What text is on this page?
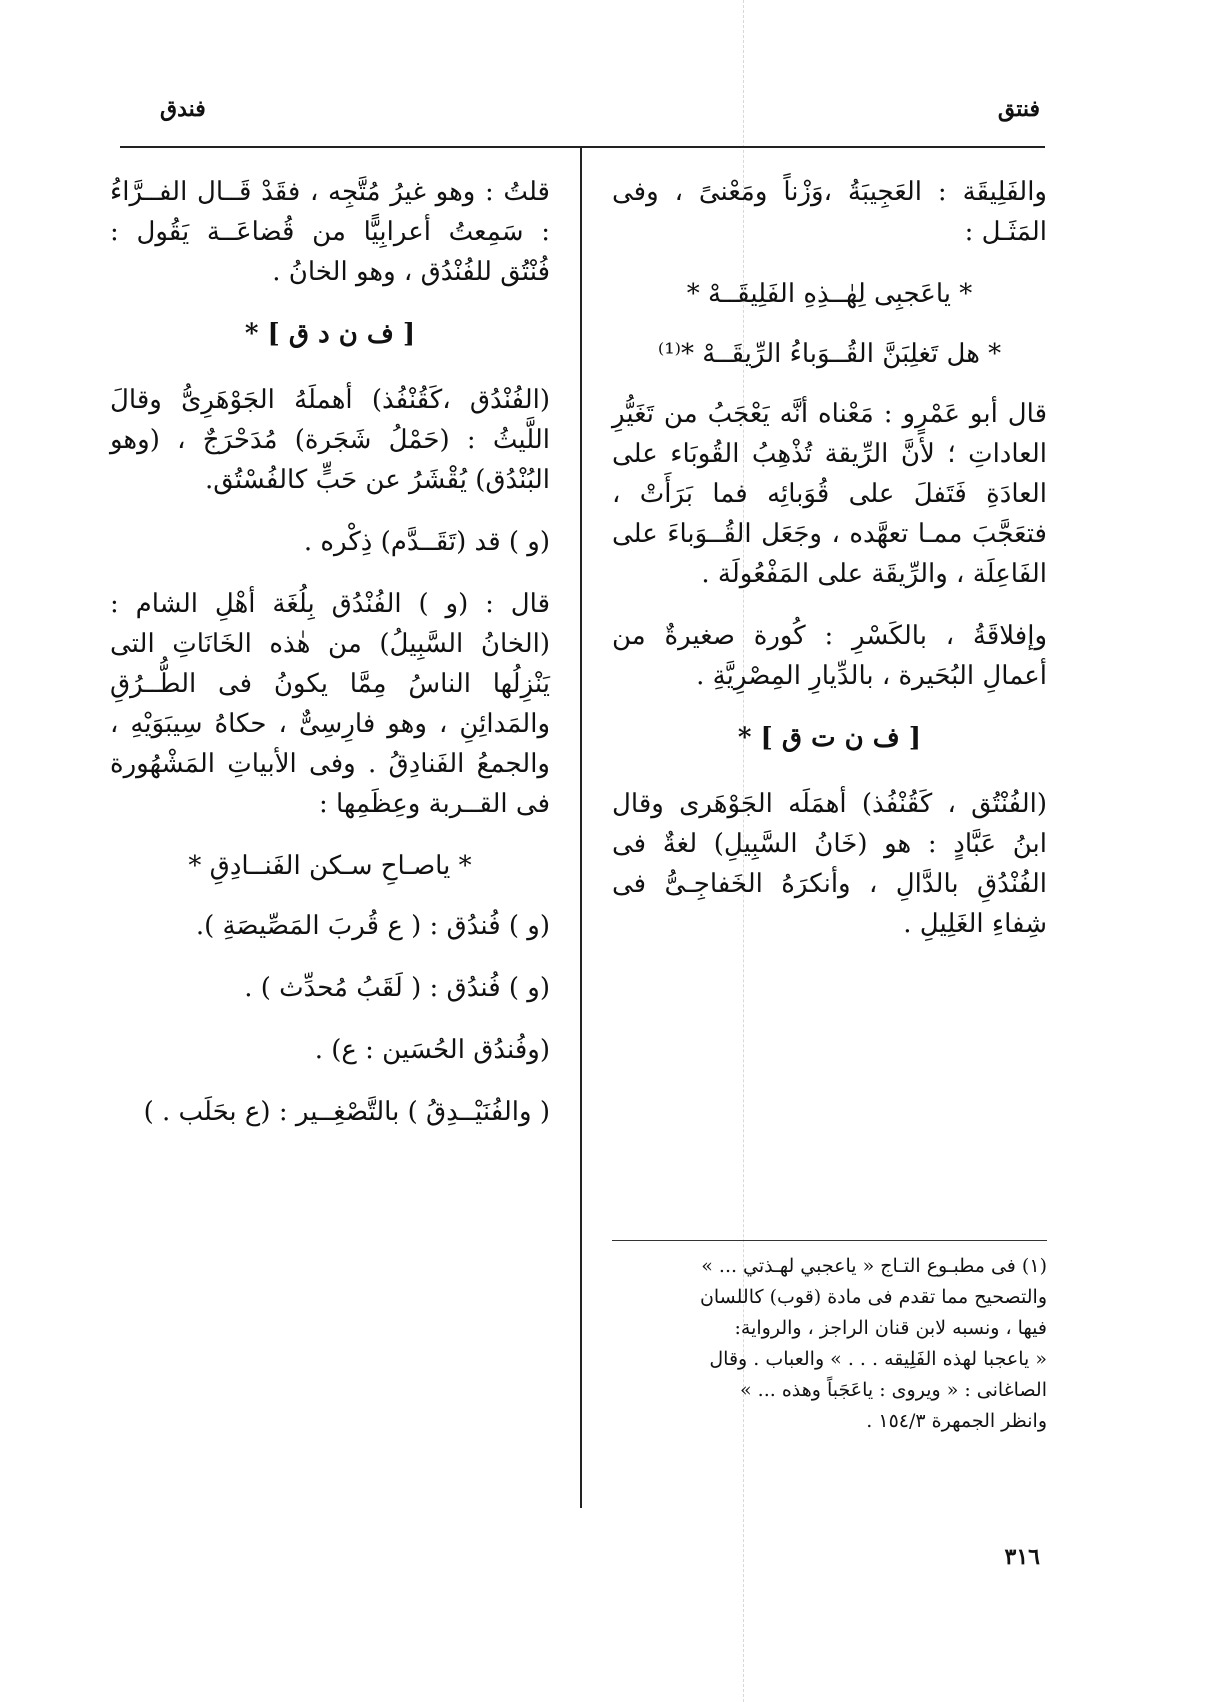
فنتق
فندق

والفَلِيقَة : العَجِيبَةُ ،وَزْناً ومَعْنىً ، وفى المَثَـل :

* ياعَجبِى لِهٰــذِهِ الفَلِيقَــهْ *

* هل تَغلِبَنَّ القُــوَباءُ الرِّيقَــهْ *⁽¹⁾

قال أبو عَمْرٍو : مَعْناه أنَّه يَعْجَبُ من تَغَيُّرِ العاداتِ ؛ لأنَّ الرِّيقة تُذْهِبُ القُوبَاء على العادَةِ فَتَفلَ على قُوَبائِه فما بَرَأَتْ ، فتعَجَّبَ ممـا تعهَّده ، وجَعَل القُــوَباءَ على الفَاعِلَة ، والرِّيقَة على المَفْعُولَة .

وإفلاقَةُ ، بالكَسْرِ : كُورة صغيرةٌ من أعمالِ البُحَيرة ، بالدِّيارِ المِصْرِيَّةِ .

[ ف ن ت ق ] *

(الفُنْتُق ، كَقُنْفُذ) أهمَلَه الجَوْهَرى وقال ابنُ عَبَّادٍ : هو (خَانُ السَّبِيلِ) لغةٌ فى الفُنْدُقِ بالدَّالِ ، وأنكرَهُ الخَفاجِـىُّ فى شِفاءِ الغَلِيلِ .

قلتُ : وهو غيرُ مُتَّجِه ، فقَدْ قَــال الفــرَّاءُ : سَمِعتُ أعرابِيًّا من قُضاعَــة يَقُول : فُنْتُق للفُنْدُق ، وهو الخانُ .

[ ف ن د ق ] *

(الفُنْدُق ،كَقُنْفُذ) أهملَهُ الجَوْهَرِىُّ وقالَ اللَّيثُ : (حَمْلُ شَجَرة) مُدَحْرَجٌ ، (وهو البُنْدُق) يُقْشَرُ عن حَبٍّ كالفُسْتُق.

(و ) قد (تَقَــدَّم) ذِكْره .

قال : (و ) الفُنْدُق بِلُغَة أهْلِ الشام : (الخانُ السَّبِيلُ) من هٰذه الخَانَاتِ التى يَنْزِلُها الناسُ مِمَّا يكونُ فى الطُّــرُقِ والمَدائِنِ ، وهو فارِسِىٌّ ، حكاهُ سِيبَوَيْهِ ، والجمعُ الفَنادِقُ . وفى الأبياتِ المَشْهُورة فى القــربة وعِظَمِها :

* ياصـاحِ سـكن الفَنــادِقِ *

(و ) فُندُق : ( ع قُربَ المَصِّيصَةِ ).

(و ) فُندُق : ( لَقَبُ مُحدِّث ) .

(وفُندُق الحُسَين : ع) .

( والفُنَيْــدِقُ ) بالتَّصْغِــير : (ع بحَلَب . )

(١) فى مطبـوع التـاج « ياعجبي لهـذتي ... »
والتصحيح مما تقدم فى مادة (قوب) كاللسان
فيها ، ونسبه لابن قنان الراجز ، والرواية:
« ياعجبا لهذه الفَلِيقه . . . » والعباب . وقال
الصاغانى : « ويروى : ياعَجَباً وهذه ... »
وانظر الجمهرة ١٥٤/٣ .
٣١٦
